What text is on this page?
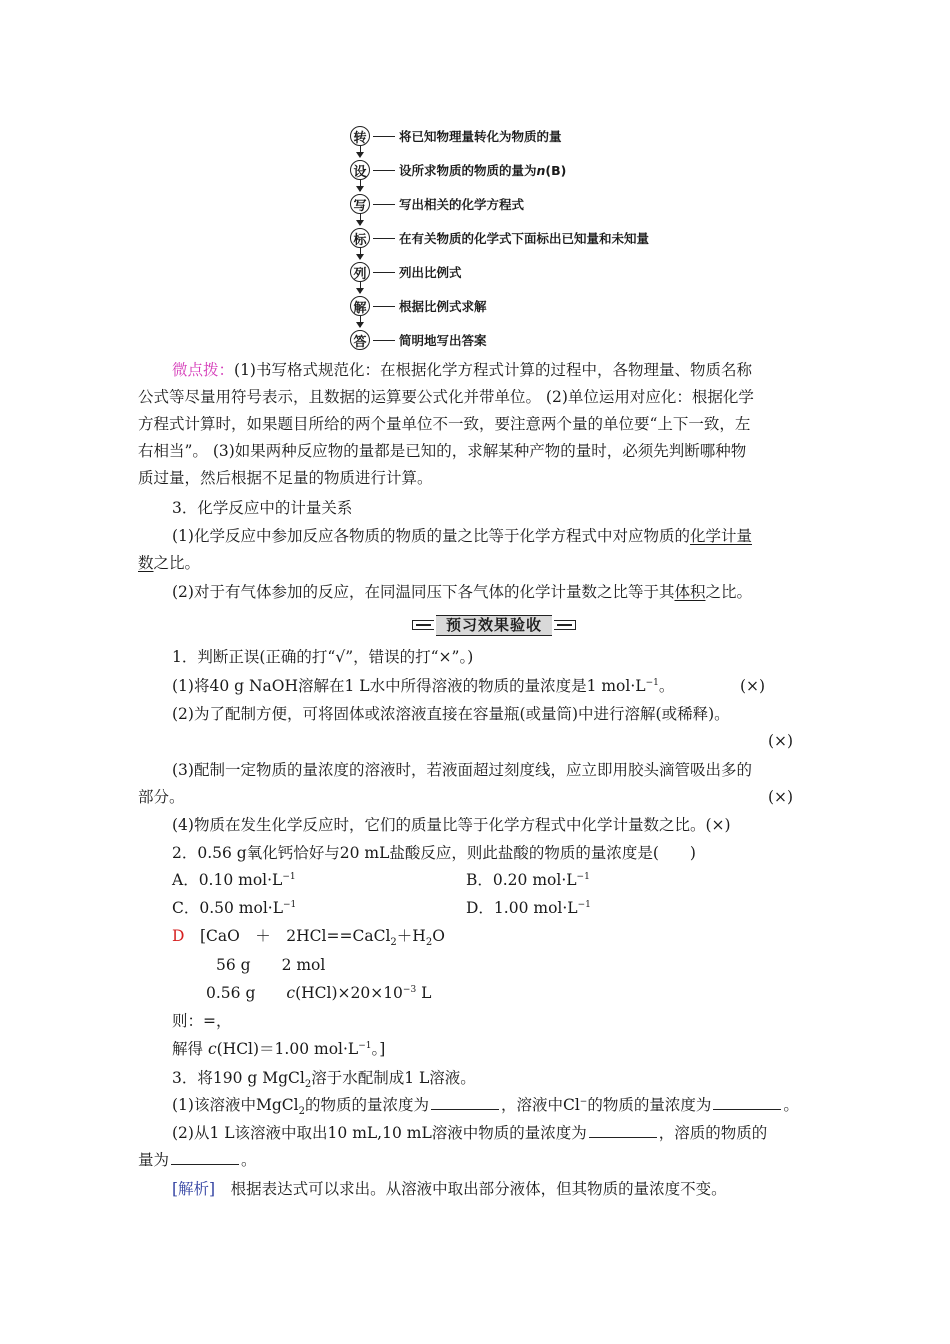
转	将已知物理量转化为物质的量
设	设所求物质的物质的量为n(B)
写	写出相关的化学方程式
标	在有关物质的化学式下面标出已知量和未知量
列	列出比例式
解	根据比例式求解
答	简明地写出答案
微点拨：(1)书写格式规范化：在根据化学方程式计算的过程中，各物理量、物质名称
公式等尽量用符号表示，且数据的运算要公式化并带单位。 (2)单位运用对应化：根据化学
方程式计算时，如果题目所给的两个量单位不一致，要注意两个量的单位要“上下一致，左
右相当”。 (3)如果两种反应物的量都是已知的，求解某种产物的量时，必须先判断哪种物
质过量，然后根据不足量的物质进行计算。
3．化学反应中的计量关系
(1)化学反应中参加反应各物质的物质的量之比等于化学方程式中对应物质的化学计量
数之比。
(2)对于有气体参加的反应，在同温同压下各气体的化学计量数之比等于其体积之比。
预习效果验收
1．判断正误(正确的打“√”，错误的打“×”。)
(1)将40 g NaOH溶解在1 L水中所得溶液的物质的量浓度是1 $mol\cdot L^{-1}$。	(×)
(2)为了配制方便，可将固体或浓溶液直接在容量瓶(或量筒)中进行溶解(或稀释)。
(×)
(3)配制一定物质的量浓度的溶液时，若液面超过刻度线，应立即用胶头滴管吸出多的
部分。	(×)
(4)物质在发生化学反应时，它们的质量比等于化学方程式中化学计量数之比。(×)
2．0.56 g氧化钙恰好与20 mL盐酸反应，则此盐酸的物质的量浓度是(　　)
A．0.10 $mol\cdot L^{-1}$	B．0.20 $mol\cdot L^{-1}$
C．0.50 $mol\cdot L^{-1}$	D．1.00 $mol\cdot L^{-1}$
D　 [CaO　＋　$2HCl==CaCl_2+H_2O$
56 g　　2 mol
0.56 g　　$c(HCl)\times 20\times 10^{-3}$ L
则：=，
解得 c(HCl)＝1.00 $mol\cdot L^{-1}$。]
3．将190 g MgCl$_2$溶于水配制成1 L溶液。
(1)该溶液中MgCl$_2$的物质的量浓度为	，溶液中Cl−的物质的量浓度为	。
(2)从1 L该溶液中取出10 mL,10 mL溶液中物质的量浓度为	，溶质的物质的
量为	。
[解析]　根据表达式可以求出。从溶液中取出部分液体，但其物质的量浓度不变。
